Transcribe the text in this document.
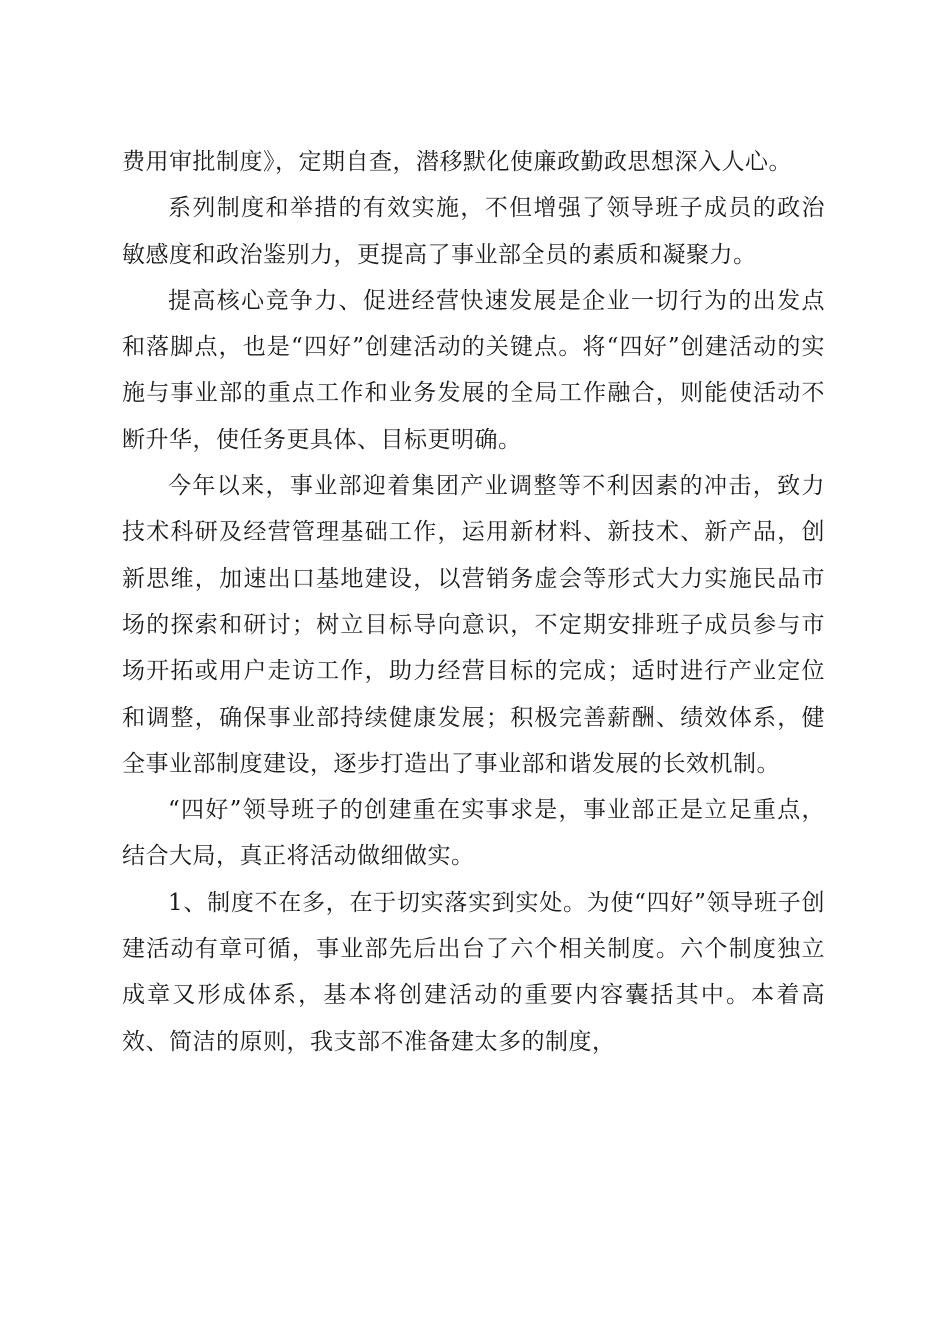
费用审批制度》，定期自查，潜移默化使廉政勤政思想深入人心。

系列制度和举措的有效实施，不但增强了领导班子成员的政治敏感度和政治鉴别力，更提高了事业部全员的素质和凝聚力。

提高核心竞争力、促进经营快速发展是企业一切行为的出发点和落脚点，也是“四好”创建活动的关键点。将“四好”创建活动的实施与事业部的重点工作和业务发展的全局工作融合，则能使活动不断升华，使任务更具体、目标更明确。

今年以来，事业部迎着集团产业调整等不利因素的冲击，致力技术科研及经营管理基础工作，运用新材料、新技术、新产品，创新思维，加速出口基地建设，以营销务虚会等形式大力实施民品市场的探索和研讨；树立目标导向意识，不定期安排班子成员参与市场开拓或用户走访工作，助力经营目标的完成；适时进行产业定位和调整，确保事业部持续健康发展；积极完善薪酬、绩效体系，健全事业部制度建设，逐步打造出了事业部和谐发展的长效机制。

“四好”领导班子的创建重在实事求是，事业部正是立足重点，结合大局，真正将活动做细做实。

1、制度不在多，在于切实落实到实处。为使“四好”领导班子创建活动有章可循，事业部先后出台了六个相关制度。六个制度独立成章又形成体系，基本将创建活动的重要内容囊括其中。本着高效、简洁的原则，我支部不准备建太多的制度，
